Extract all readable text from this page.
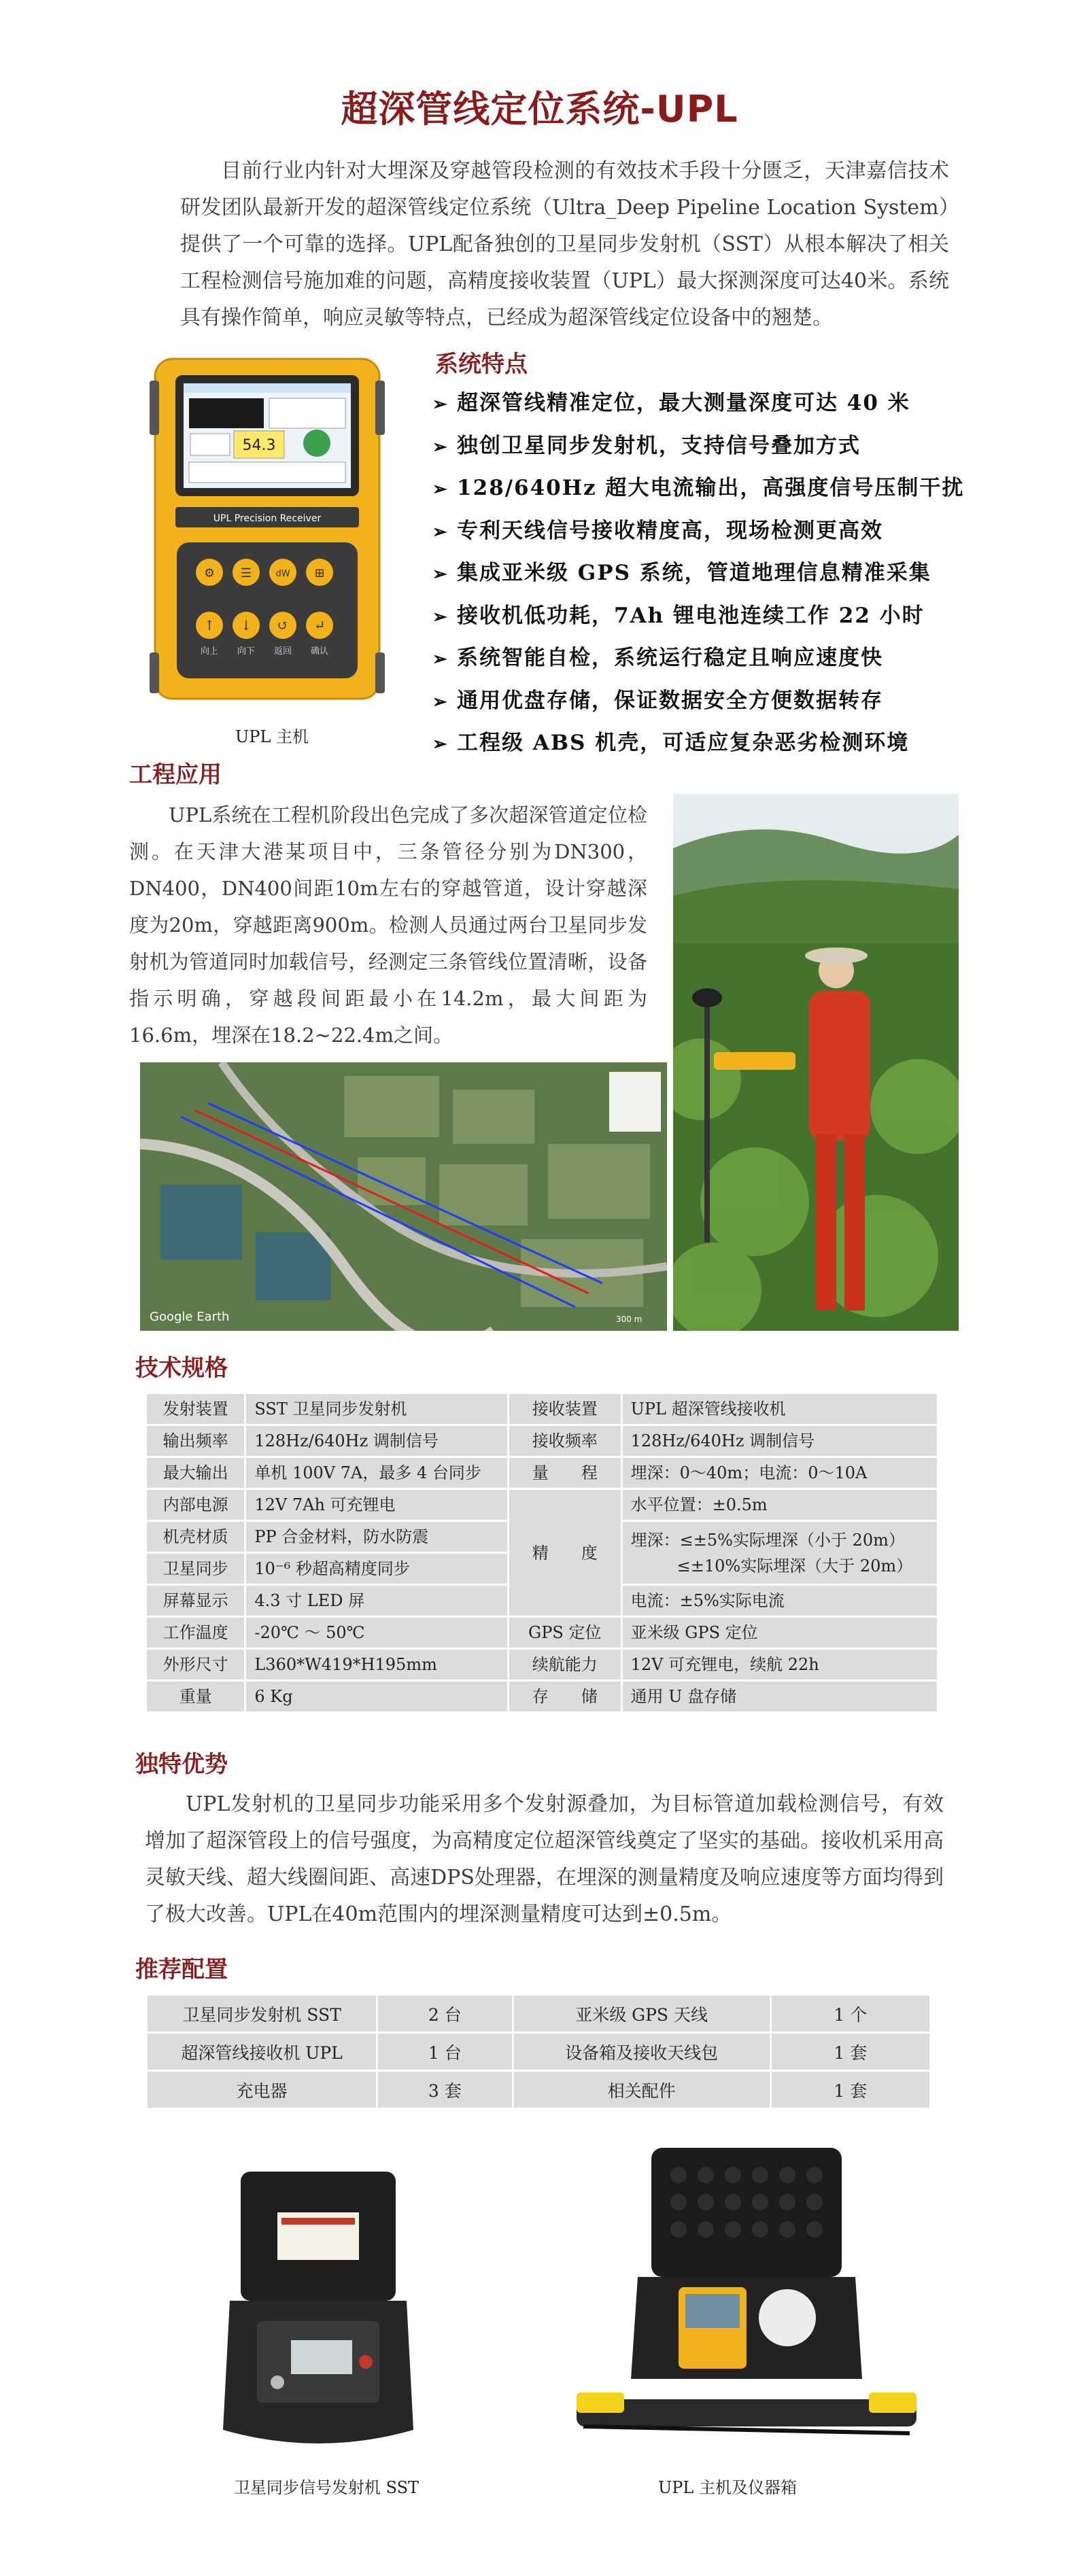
超深管线定位系统-UPL

目前行业内针对大埋深及穿越管段检测的有效技术手段十分匮乏，天津嘉信技术研发团队最新开发的超深管线定位系统（Ultra_Deep Pipeline Location System）提供了一个可靠的选择。UPL配备独创的卫星同步发射机（SST）从根本解决了相关工程检测信号施加难的问题，高精度接收装置（UPL）最大探测深度可达40米。系统具有操作简单，响应灵敏等特点，已经成为超深管线定位设备中的翘楚。

54.3
UPL Precision Receiver
⚙ ☰	dW ⊞
↑ ↓ ↺ ↵
向上 向下 返回 确认
UPL 主机
系统特点
➢ 超深管线精准定位，最大测量深度可达 40 米
➢ 独创卫星同步发射机，支持信号叠加方式
➢ 128/640Hz 超大电流输出，高强度信号压制干扰
➢ 专利天线信号接收精度高，现场检测更高效
➢ 集成亚米级 GPS 系统，管道地理信息精准采集
➢ 接收机低功耗，7Ah 锂电池连续工作 22 小时
➢ 系统智能自检，系统运行稳定且响应速度快
➢ 通用优盘存储，保证数据安全方便数据转存
➢ 工程级 ABS 机壳，可适应复杂恶劣检测环境
工程应用

UPL系统在工程机阶段出色完成了多次超深管道定位检测。在天津大港某项目中，三条管径分别为DN300，DN400，DN400间距10m左右的穿越管道，设计穿越深度为20m，穿越距离900m。检测人员通过两台卫星同步发射机为管道同时加载信号，经测定三条管线位置清晰，设备指示明确，穿越段间距最小在14.2m，最大间距为16.6m，埋深在18.2~22.4m之间。

Google Earth	300 m
技术规格
发射装置	SST 卫星同步发射机	接收装置	UPL 超深管线接收机
输出频率	128Hz/640Hz 调制信号	接收频率	128Hz/640Hz 调制信号
最大输出	单机 100V 7A，最多 4 台同步	量　　程	埋深：0～40m；电流：0～10A
内部电源	12V 7Ah 可充锂电	精　　度	水平位置：±0.5m
机壳材质	PP 合金材料，防水防震		埋深：≤±5%实际埋深（小于 20m）
≤±10%实际埋深（大于 20m）

卫星同步	10⁻⁶ 秒超高精度同步		
屏幕显示	4.3 寸 LED 屏		电流：±5%实际电流
工作温度	-20℃ ～ 50℃	GPS 定位	亚米级 GPS 定位
外形尺寸	L360*W419*H195mm	续航能力	12V 可充锂电，续航 22h
重量	6 Kg	存　　储	通用 U 盘存储
独特优势

UPL发射机的卫星同步功能采用多个发射源叠加，为目标管道加载检测信号，有效增加了超深管段上的信号强度，为高精度定位超深管线奠定了坚实的基础。接收机采用高灵敏天线、超大线圈间距、高速DPS处理器，在埋深的测量精度及响应速度等方面均得到了极大改善。UPL在40m范围内的埋深测量精度可达到±0.5m。

推荐配置
卫星同步发射机 SST	2 台	亚米级 GPS 天线	1 个
超深管线接收机 UPL	1 台	设备箱及接收天线包	1 套
充电器	3 套	相关配件	1 套
卫星同步信号发射机 SST	UPL 主机及仪器箱
